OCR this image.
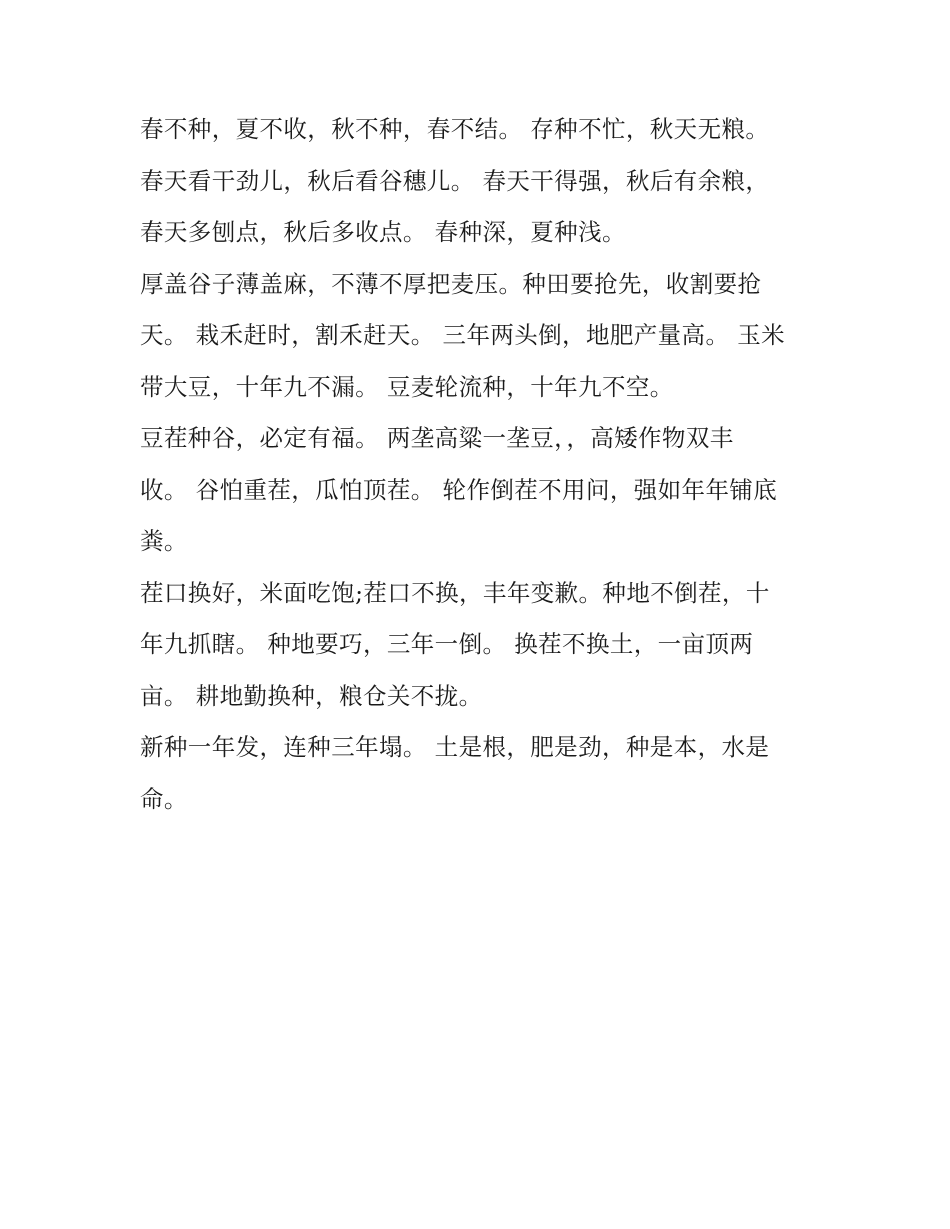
春不种，夏不收，秋不种，春不结。 存种不忙，秋天无粮。
春天看干劲儿，秋后看谷穗儿。 春天干得强，秋后有余粮，
春天多刨点，秋后多收点。 春种深，夏种浅。
厚盖谷子薄盖麻，不薄不厚把麦压。种田要抢先，收割要抢
天。 栽禾赶时，割禾赶天。 三年两头倒，地肥产量高。 玉米
带大豆，十年九不漏。 豆麦轮流种，十年九不空。
豆茬种谷，必定有福。 两垄高粱一垄豆，，高矮作物双丰
收。 谷怕重茬，瓜怕顶茬。 轮作倒茬不用问，强如年年铺底
粪。
茬口换好，米面吃饱;茬口不换，丰年变歉。种地不倒茬，十
年九抓瞎。 种地要巧，三年一倒。 换茬不换土，一亩顶两
亩。 耕地勤换种，粮仓关不拢。
新种一年发，连种三年塌。 土是根，肥是劲，种是本，水是
命。
